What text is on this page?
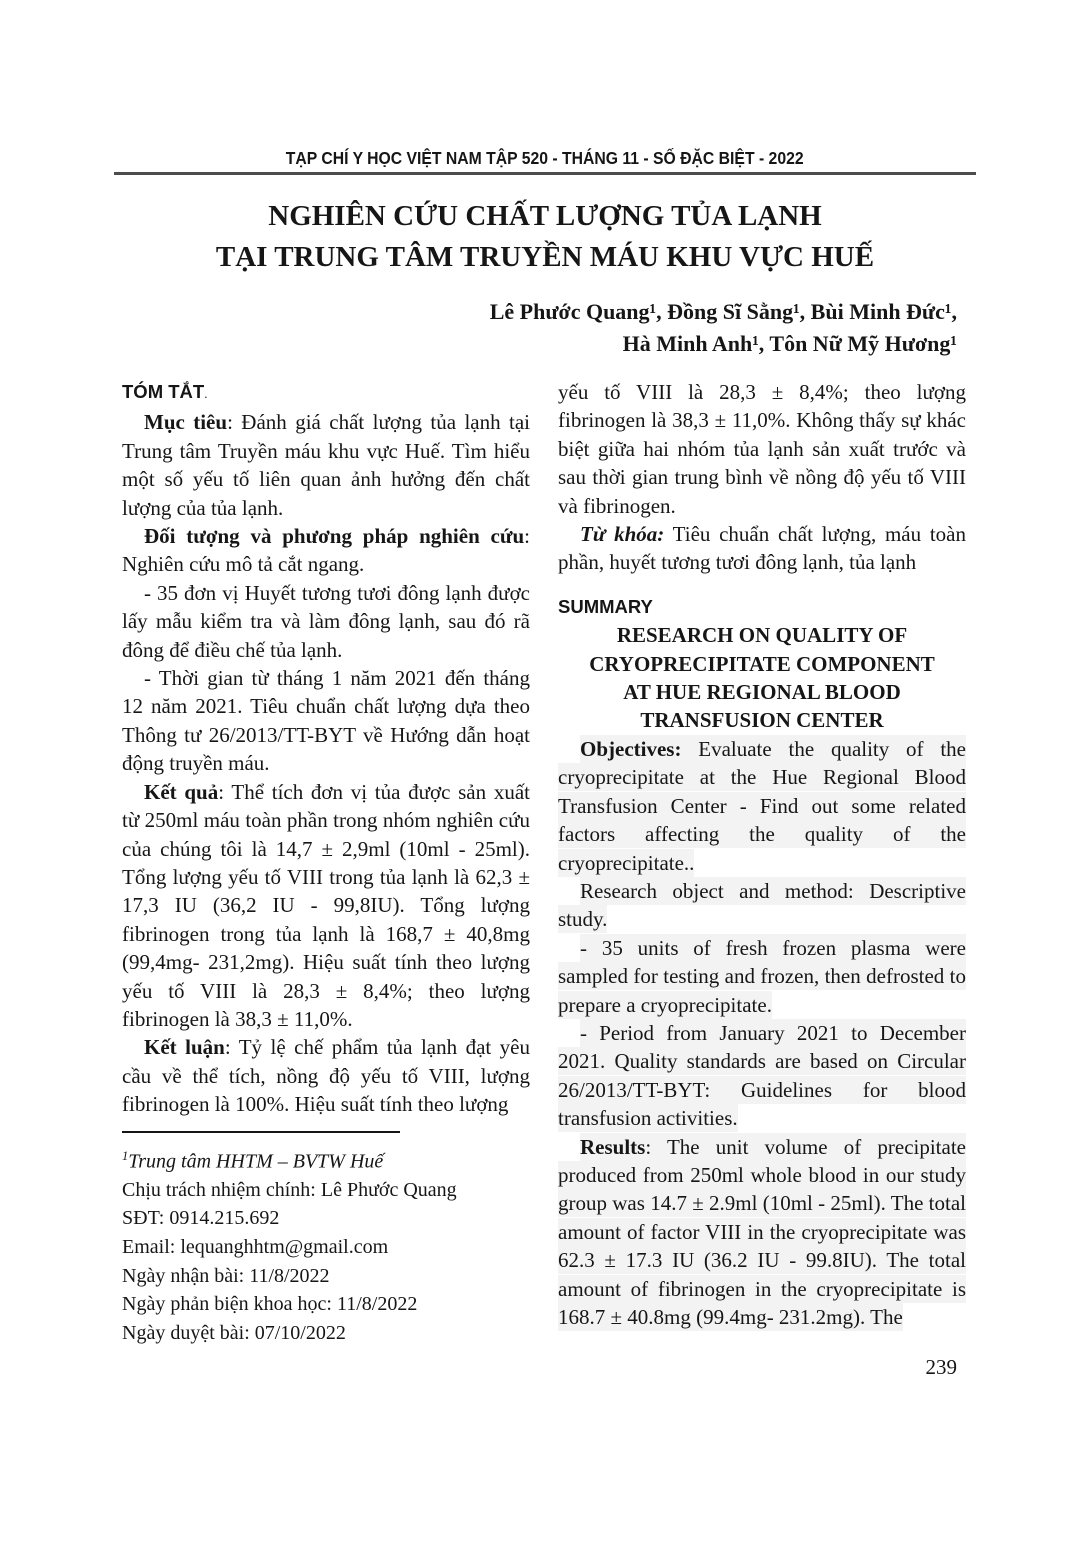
TẠP CHÍ Y HỌC VIỆT NAM TẬP 520 - THÁNG 11 - SỐ ĐẶC BIỆT - 2022
NGHIÊN CỨU CHẤT LƯỢNG TỦA LẠNH
TẠI TRUNG TÂM TRUYỀN MÁU KHU VỰC HUẾ
Lê Phước Quang¹, Đồng Sĩ Sằng¹, Bùi Minh Đức¹,
Hà Minh Anh¹, Tôn Nữ Mỹ Hương¹

TÓM TẮT.

Mục tiêu: Đánh giá chất lượng tủa lạnh tại Trung tâm Truyền máu khu vực Huế. Tìm hiểu một số yếu tố liên quan ảnh hưởng đến chất lượng của tủa lạnh.

Đối tượng và phương pháp nghiên cứu: Nghiên cứu mô tả cắt ngang.

- 35 đơn vị Huyết tương tươi đông lạnh được lấy mẫu kiểm tra và làm đông lạnh, sau đó rã đông để điều chế tủa lạnh.

- Thời gian từ tháng 1 năm 2021 đến tháng 12 năm 2021. Tiêu chuẩn chất lượng dựa theo Thông tư 26/2013/TT-BYT về Hướng dẫn hoạt động truyền máu.

Kết quả: Thể tích đơn vị tủa được sản xuất từ 250ml máu toàn phần trong nhóm nghiên cứu của chúng tôi là 14,7 ± 2,9ml (10ml - 25ml). Tổng lượng yếu tố VIII trong tủa lạnh là 62,3 ± 17,3 IU (36,2 IU - 99,8IU). Tổng lượng fibrinogen trong tủa lạnh là 168,7 ± 40,8mg (99,4mg- 231,2mg). Hiệu suất tính theo lượng yếu tố VIII là 28,3 ± 8,4%; theo lượng fibrinogen là 38,3 ± 11,0%.

Kết luận: Tỷ lệ chế phẩm tủa lạnh đạt yêu cầu về thể tích, nồng độ yếu tố VIII, lượng fibrinogen là 100%. Hiệu suất tính theo lượng

$^1$Trung tâm HHTM – BVTW Huế

Chịu trách nhiệm chính: Lê Phước Quang

SĐT: 0914.215.692

Email: lequanghhtm@gmail.com

Ngày nhận bài: 11/8/2022

Ngày phản biện khoa học: 11/8/2022

Ngày duyệt bài: 07/10/2022

yếu tố VIII là 28,3 ± 8,4%; theo lượng fibrinogen là 38,3 ± 11,0%. Không thấy sự khác biệt giữa hai nhóm tủa lạnh sản xuất trước và sau thời gian trung bình về nồng độ yếu tố VIII và fibrinogen.

Từ khóa: Tiêu chuẩn chất lượng, máu toàn phần, huyết tương tươi đông lạnh, tủa lạnh

SUMMARY

RESEARCH ON QUALITY OF
CRYOPRECIPITATE COMPONENT
AT HUE REGIONAL BLOOD
TRANSFUSION CENTER

Objectives: Evaluate the quality of the cryoprecipitate at the Hue Regional Blood Transfusion Center - Find out some related factors affecting the quality of the cryoprecipitate..

Research object and method: Descriptive study.

- 35 units of fresh frozen plasma were sampled for testing and frozen, then defrosted to prepare a cryoprecipitate.

- Period from January 2021 to December 2021. Quality standards are based on Circular 26/2013/TT-BYT: Guidelines for blood transfusion activities.

Results: The unit volume of precipitate produced from 250ml whole blood in our study group was 14.7 ± 2.9ml (10ml - 25ml). The total amount of factor VIII in the cryoprecipitate was 62.3 ± 17.3 IU (36.2 IU - 99.8IU). The total amount of fibrinogen in the cryoprecipitate is 168.7 ± 40.8mg (99.4mg- 231.2mg). The

239
